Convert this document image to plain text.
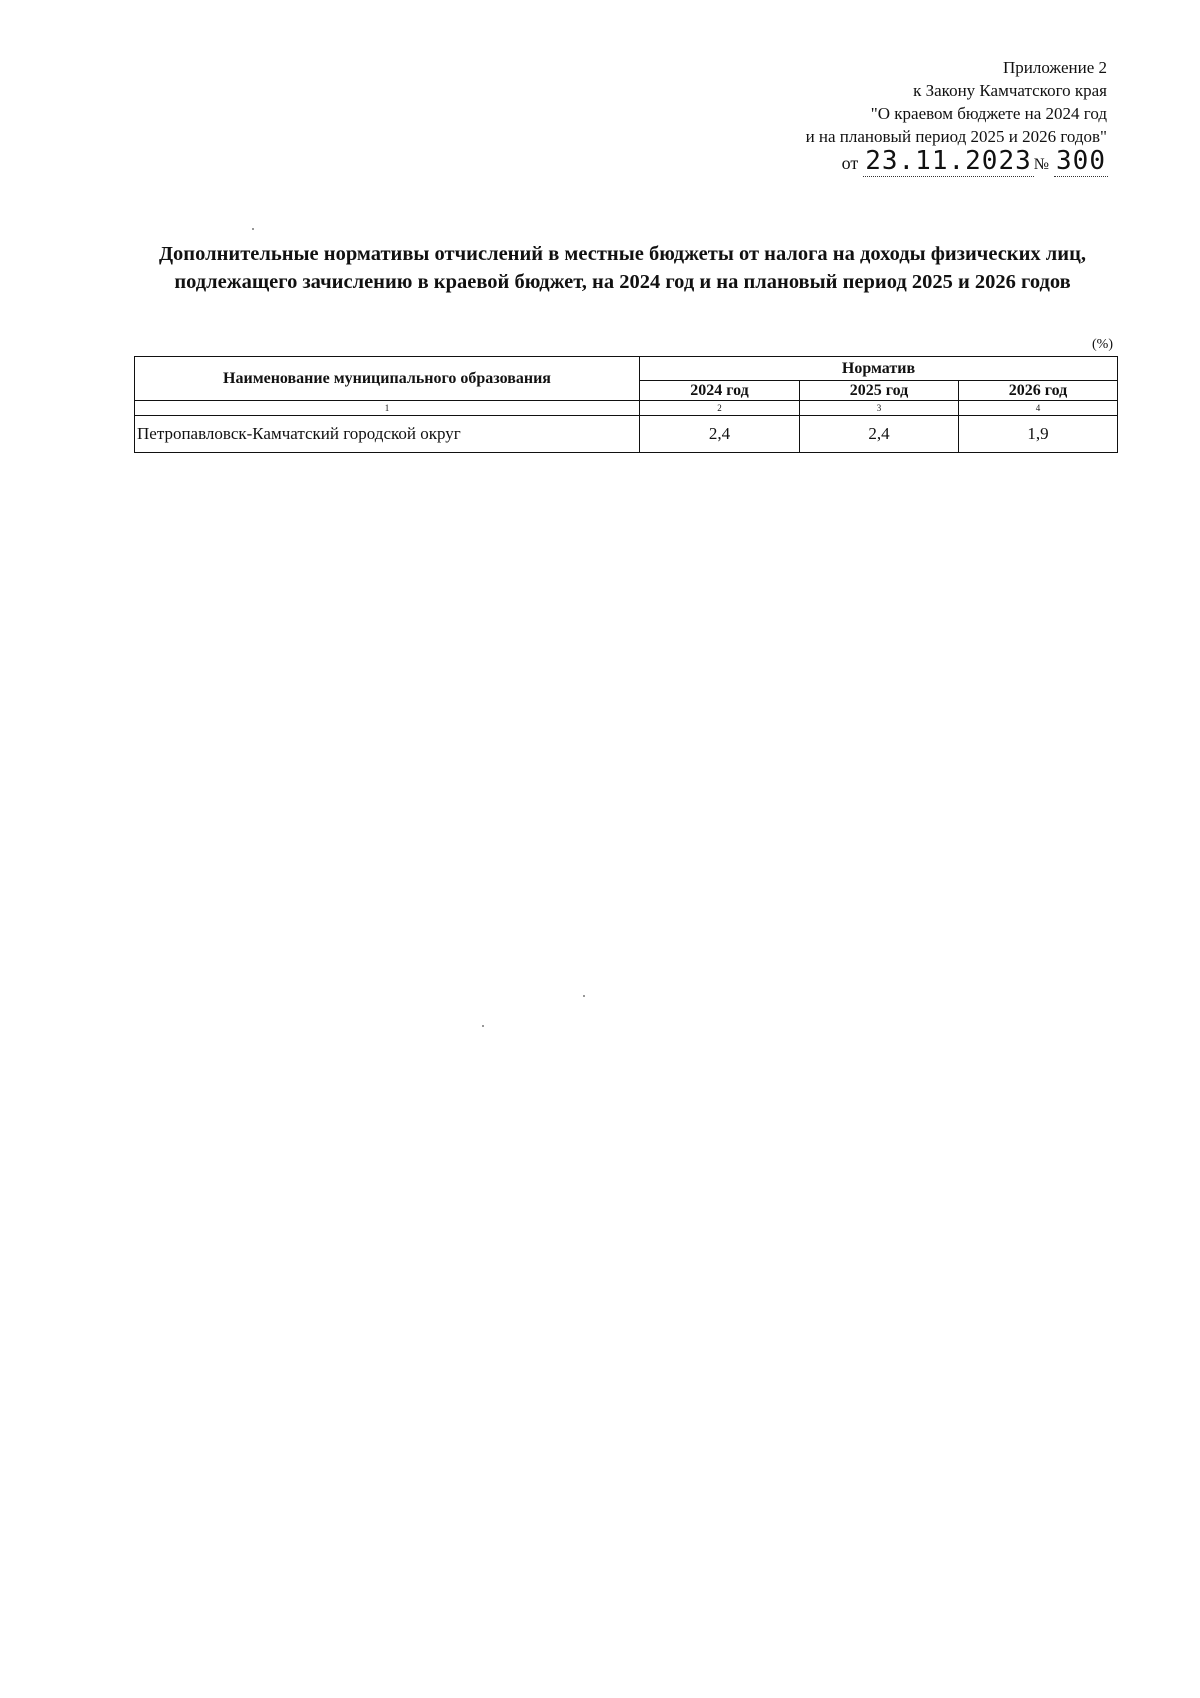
Приложение 2
к Закону Камчатского края
"О краевом бюджете на 2024 год
и на плановый период 2025 и 2026 годов"
от 23.11.2023 № 300
Дополнительные нормативы отчислений в местные бюджеты от налога на доходы физических лиц, подлежащего зачислению в краевой бюджет, на 2024 год и на плановый период 2025 и 2026 годов
(%)
Наименование муниципального образования	Норматив		
	2024 год	2025 год	2026 год
1	2	3	4
Петропавловск-Камчатский городской округ	2,4	2,4	1,9
